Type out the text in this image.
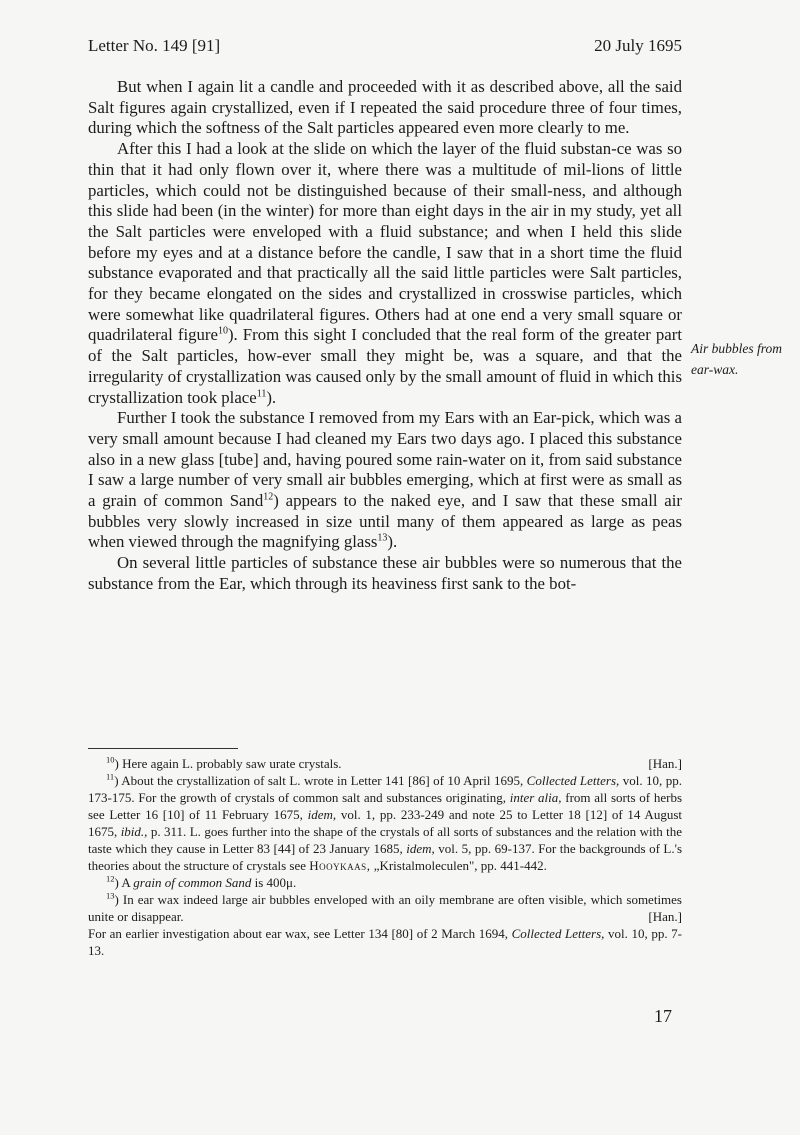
Letter No. 149 [91]	20 July 1695

But when I again lit a candle and proceeded with it as described above, all the said Salt figures again crystallized, even if I repeated the said procedure three of four times, during which the softness of the Salt particles appeared even more clearly to me.

After this I had a look at the slide on which the layer of the fluid substan-ce was so thin that it had only flown over it, where there was a multitude of mil-lions of little particles, which could not be distinguished because of their small-ness, and although this slide had been (in the winter) for more than eight days in the air in my study, yet all the Salt particles were enveloped with a fluid substance; and when I held this slide before my eyes and at a distance before the candle, I saw that in a short time the fluid substance evaporated and that practically all the said little particles were Salt particles, for they became elongated on the sides and crystallized in crosswise particles, which were somewhat like quadrilateral figures. Others had at one end a very small square or quadrilateral figure$^{10}$). From this sight I concluded that the real form of the greater part of the Salt particles, how-ever small they might be, was a square, and that the irregularity of crystallization was caused only by the small amount of fluid in which this crystallization took place$^{11}$).

Further I took the substance I removed from my Ears with an Ear-pick, which was a very small amount because I had cleaned my Ears two days ago. I placed this substance also in a new glass [tube] and, having poured some rain-water on it, from said substance I saw a large number of very small air bubbles emerging, which at first were as small as a grain of common Sand$^{12}$) appears to the naked eye, and I saw that these small air bubbles very slowly increased in size until many of them appeared as large as peas when viewed through the magnifying glass$^{13}$).

On several little particles of substance these air bubbles were so numerous that the substance from the Ear, which through its heaviness first sank to the bot-

Air bubbles from
ear-wax.

$^{10}$) Here again L. probably saw urate crystals.	[Han.]

$^{11}$) About the crystallization of salt L. wrote in Letter 141 [86] of 10 April 1695, Collected Letters, vol. 10, pp. 173-175. For the growth of crystals of common salt and substances originating, inter alia, from all sorts of herbs see Letter 16 [10] of 11 February 1675, idem, vol. 1, pp. 233-249 and note 25 to Letter 18 [12] of 14 August 1675, ibid., p. 311. L. goes further into the shape of the crystals of all sorts of substances and the relation with the taste which they cause in Letter 83 [44] of 23 January 1685, idem, vol. 5, pp. 69-137. For the backgrounds of L.'s theories about the structure of crystals see Hooykaas, „Kristalmoleculen", pp. 441-442.

$^{12}$) A grain of common Sand is 400μ.

$^{13}$) In ear wax indeed large air bubbles enveloped with an oily membrane are often visible, which sometimes unite or disappear.	[Han.]

For an earlier investigation about ear wax, see Letter 134 [80] of 2 March 1694, Collected Letters, vol. 10, pp. 7-13.

17
